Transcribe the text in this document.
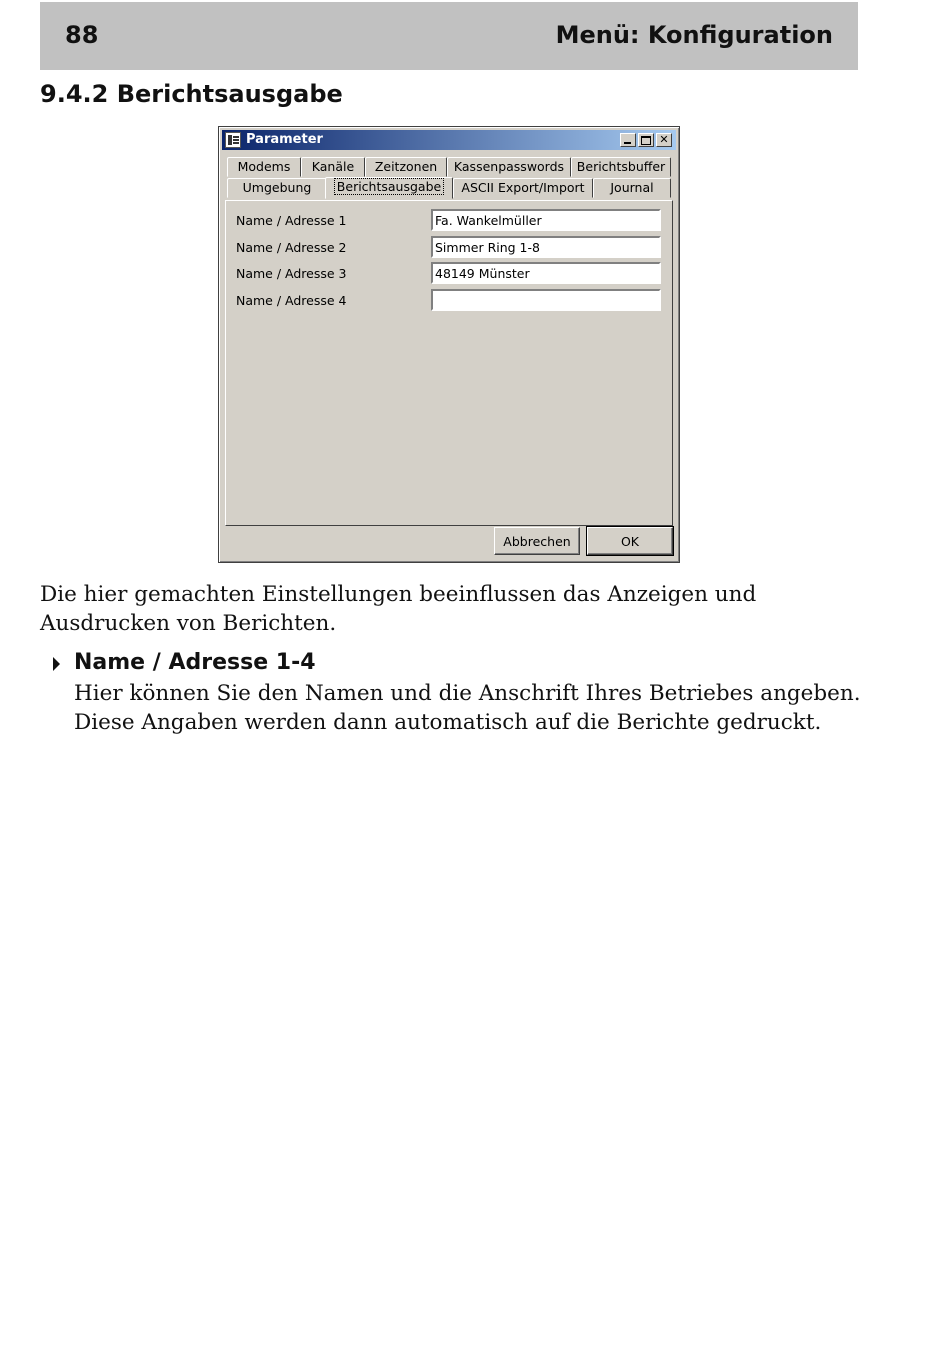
88	Menü: Konfiguration
9.4.2 Berichtsausgabe
Parameter	✕
Modems	Kanäle	Zeitzonen	Kassenpasswords	Berichtsbuffer
Umgebung	Berichtsausgabe	ASCII Export/Import	Journal
Name / Adresse 1
Fa. Wankelmüller
Name / Adresse 2
Simmer Ring 1-8
Name / Adresse 3
48149 Münster
Name / Adresse 4
Abbrechen	OK
Die hier gemachten Einstellungen beeinflussen das Anzeigen und Ausdrucken von Berichten.
Name / Adresse 1-4
Hier können Sie den Namen und die Anschrift Ihres Betriebes angeben. Diese Angaben werden dann automatisch auf die Berichte gedruckt.
